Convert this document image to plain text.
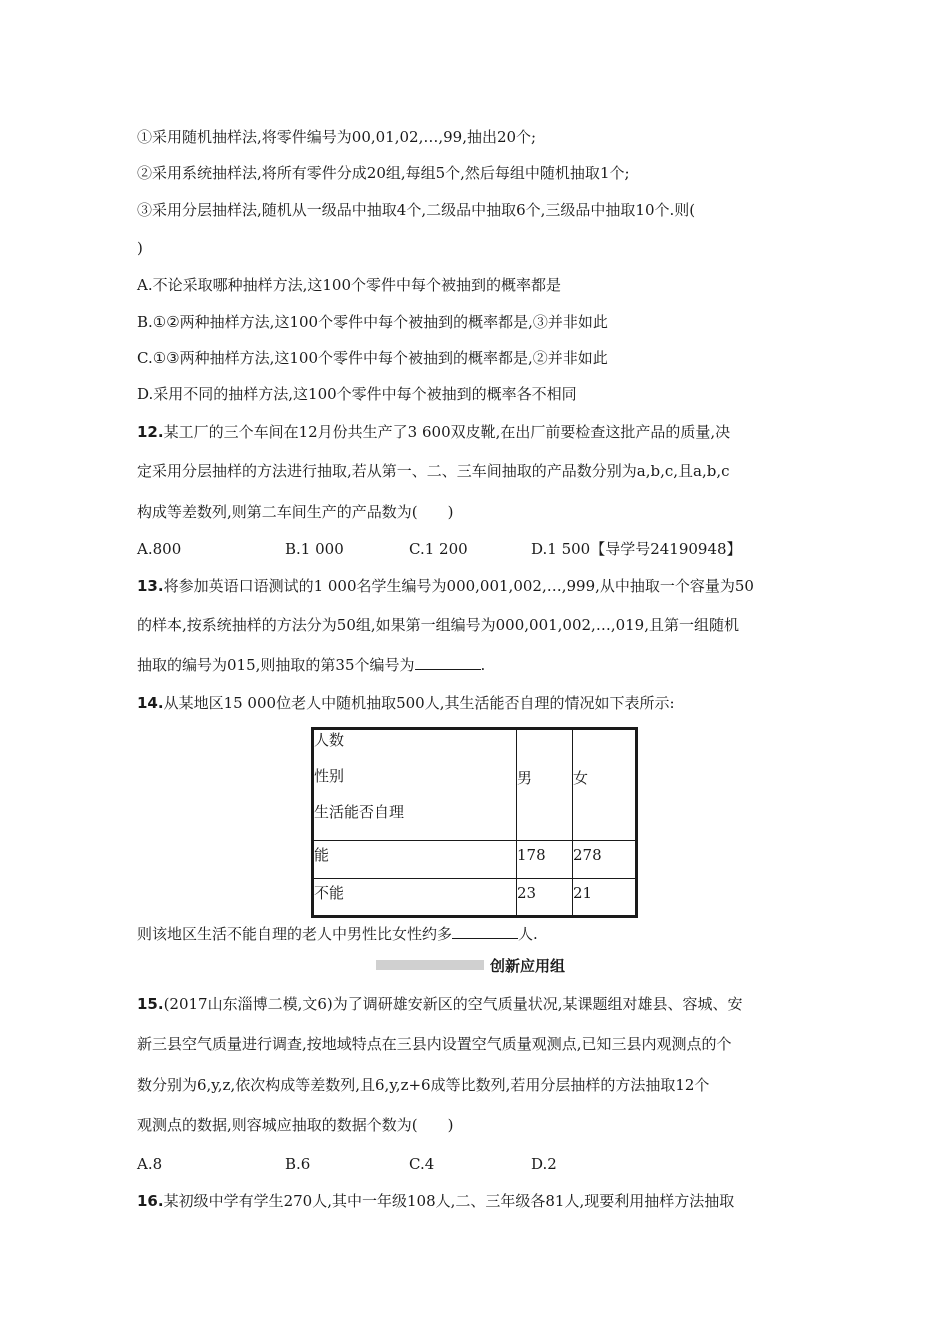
①采用随机抽样法,将零件编号为00,01,02,…,99,抽出20个;
②采用系统抽样法,将所有零件分成20组,每组5个,然后每组中随机抽取1个;
③采用分层抽样法,随机从一级品中抽取4个,二级品中抽取6个,三级品中抽取10个.则(
)
A.不论采取哪种抽样方法,这100个零件中每个被抽到的概率都是
B.①②两种抽样方法,这100个零件中每个被抽到的概率都是,③并非如此
C.①③两种抽样方法,这100个零件中每个被抽到的概率都是,②并非如此
D.采用不同的抽样方法,这100个零件中每个被抽到的概率各不相同
12.某工厂的三个车间在12月份共生产了3 600双皮靴,在出厂前要检查这批产品的质量,决
定采用分层抽样的方法进行抽取,若从第一、二、三车间抽取的产品数分别为a,b,c,且a,b,c
构成等差数列,则第二车间生产的产品数为(　　)
A.800	B.1 000	C.1 200	D.1 500【导学号24190948】
13.将参加英语口语测试的1 000名学生编号为000,001,002,…,999,从中抽取一个容量为50
的样本,按系统抽样的方法分为50组,如果第一组编号为000,001,002,…,019,且第一组随机
抽取的编号为015,则抽取的第35个编号为	.
14.从某地区15 000位老人中随机抽取500人,其生活能否自理的情况如下表所示:
人数
性别
生活能否自理	男	女

能	178	278

不能	23	21
则该地区生活不能自理的老人中男性比女性约多	人.
创新应用组
15.(2017山东淄博二模,文6)为了调研雄安新区的空气质量状况,某课题组对雄县、容城、安
新三县空气质量进行调查,按地域特点在三县内设置空气质量观测点,已知三县内观测点的个
数分别为6,y,z,依次构成等差数列,且6,y,z+6成等比数列,若用分层抽样的方法抽取12个
观测点的数据,则容城应抽取的数据个数为(　　)
A.8	B.6	C.4	D.2
16.某初级中学有学生270人,其中一年级108人,二、三年级各81人,现要利用抽样方法抽取
